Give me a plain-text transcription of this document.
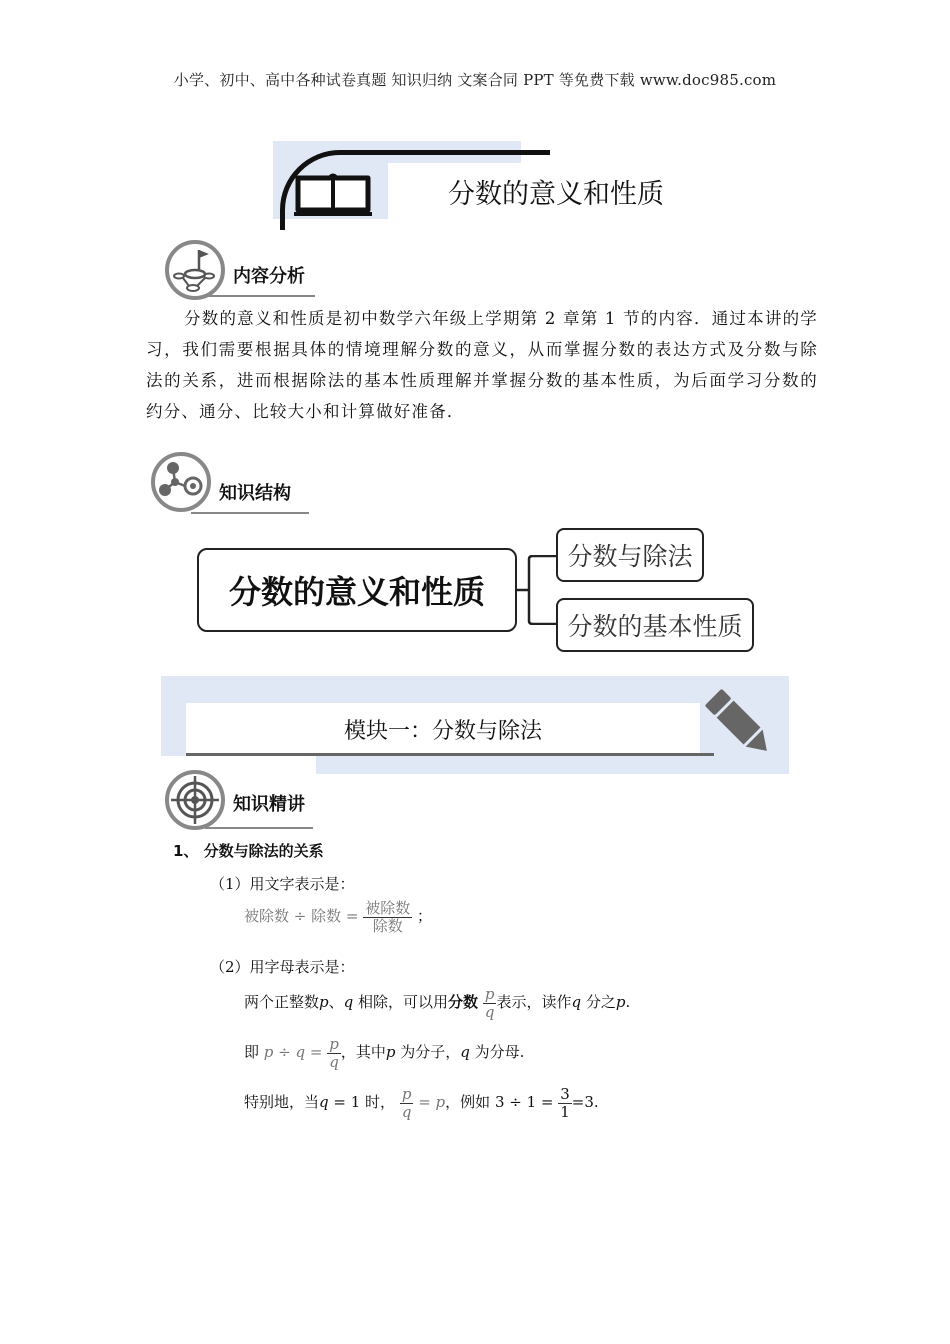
小学、初中、高中各种试卷真题 知识归纳 文案合同 PPT 等免费下载 www.doc985.com
分数的意义和性质
内容分析
分数的意义和性质是初中数学六年级上学期第 2 章第 1 节的内容．通过本讲的学习，我们需要根据具体的情境理解分数的意义，从而掌握分数的表达方式及分数与除法的关系，进而根据除法的基本性质理解并掌握分数的基本性质，为后面学习分数的约分、通分、比较大小和计算做好准备．
知识结构
分数的意义和性质
分数与除法
分数的基本性质
模块一：分数与除法
知识精讲
1、 分数与除法的关系
（1）用文字表示是：
被除数 ÷ 除数 = $\frac{\text{被除数}}{\text{除数}}$ ；
（2）用字母表示是：
两个正整数p、q 相除，可以用分数 $\frac{p}{q}$ 表示，读作q 分之p.
即 $p \div q = \frac{p}{q}$ ，其中p 为分子，q 为分母.
特别地，当q = 1 时， $\frac{p}{q} = p$，例如 $3 \div 1 = \frac{3}{1} =3$.
